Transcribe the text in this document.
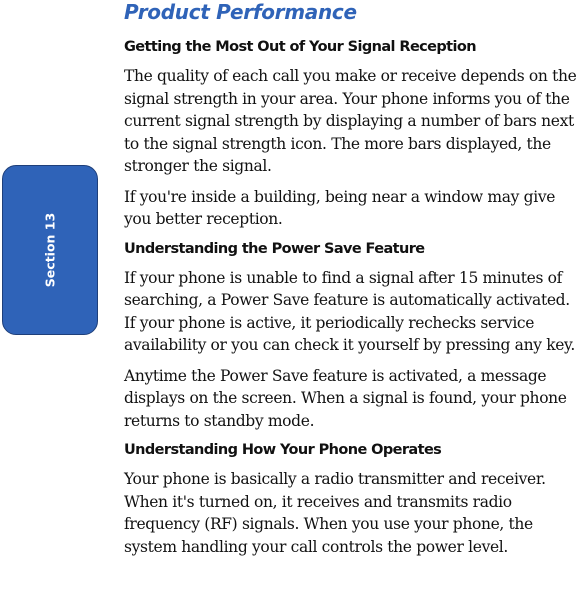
Section 13
Product Performance
Getting the Most Out of Your Signal Reception

The quality of each call you make or receive depends on the signal strength in your area. Your phone informs you of the current signal strength by displaying a number of bars next to the signal strength icon. The more bars displayed, the stronger the signal.

If you're inside a building, being near a window may give you better reception.

Understanding the Power Save Feature

If your phone is unable to find a signal after 15 minutes of searching, a Power Save feature is automatically activated. If your phone is active, it periodically rechecks service availability or you can check it yourself by pressing any key.

Anytime the Power Save feature is activated, a message displays on the screen. When a signal is found, your phone returns to standby mode.

Understanding How Your Phone Operates

Your phone is basically a radio transmitter and receiver. When it's turned on, it receives and transmits radio frequency (RF) signals. When you use your phone, the system handling your call controls the power level.
